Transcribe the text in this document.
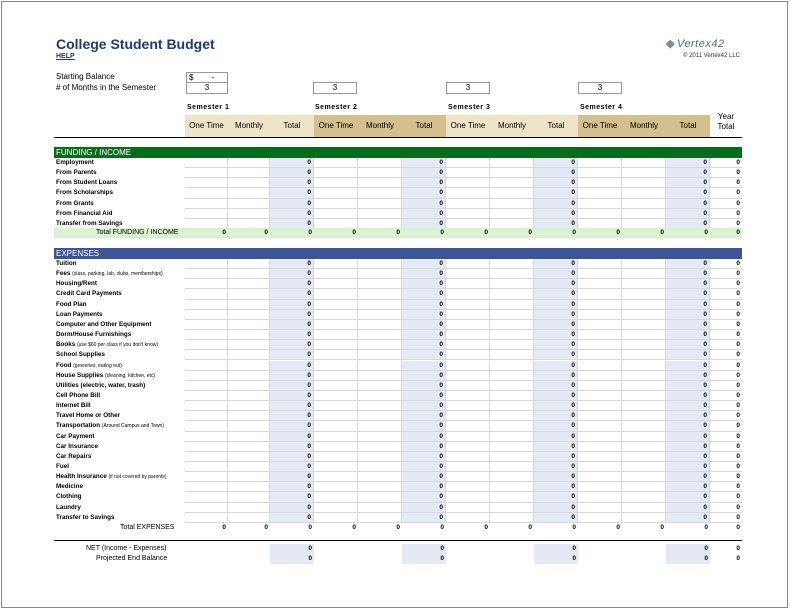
College Student Budget
HELP
◆ Vertex42
© 2011 Vertex42 LLC
Starting Balance	$ -
# of Months in the Semester	3	3	3	3
Semester 1	Semester 2	Semester 3	Semester 4
One Time	Monthly	Total	One Time	Monthly	Total	One Time	Monthly	Total	One Time	Monthly	Total
Year Total
FUNDING / INCOME
Employment	0	0	0	0	0
From Parents	0	0	0	0	0
From Student Loans	0	0	0	0	0
From Scholarships	0	0	0	0	0
From Grants	0	0	0	0	0
From Financial Aid	0	0	0	0	0
Transfer from Savings	0	0	0	0	0
Total FUNDING / INCOME	0	0	0	0	0	0	0	0	0	0	0	0	0
EXPENSES
Tuition	0	0	0	0	0
Fees (class, parking, lab, clubs, memberships)	0	0	0	0	0
Housing/Rent	0	0	0	0	0
Credit Card Payments	0	0	0	0	0
Food Plan	0	0	0	0	0
Loan Payments	0	0	0	0	0
Computer and Other Equipment	0	0	0	0	0
Dorm/House Furnishings	0	0	0	0	0
Books (use $60 per class if you don't know)	0	0	0	0	0
School Supplies	0	0	0	0	0
Food (groceries, eating out)	0	0	0	0	0
House Supplies (cleaning, kitchen, etc)	0	0	0	0	0
Utilities (electric, water, trash)	0	0	0	0	0
Cell Phone Bill	0	0	0	0	0
Internet Bill	0	0	0	0	0
Travel Home or Other	0	0	0	0	0
Transportation (Around Campus and Town)	0	0	0	0	0
Car Payment	0	0	0	0	0
Car Insurance	0	0	0	0	0
Car Repairs	0	0	0	0	0
Fuel	0	0	0	0	0
Health Insurance (if not covered by parents)	0	0	0	0	0
Medicine	0	0	0	0	0
Clothing	0	0	0	0	0
Laundry	0	0	0	0	0
Transfer to Savings	0	0	0	0	0
Total EXPENSES	0	0	0	0	0	0	0	0	0	0	0	0	0
NET (Income - Expenses)	0	0	0	0	0
Projected End Balance	0	0	0	0	0
